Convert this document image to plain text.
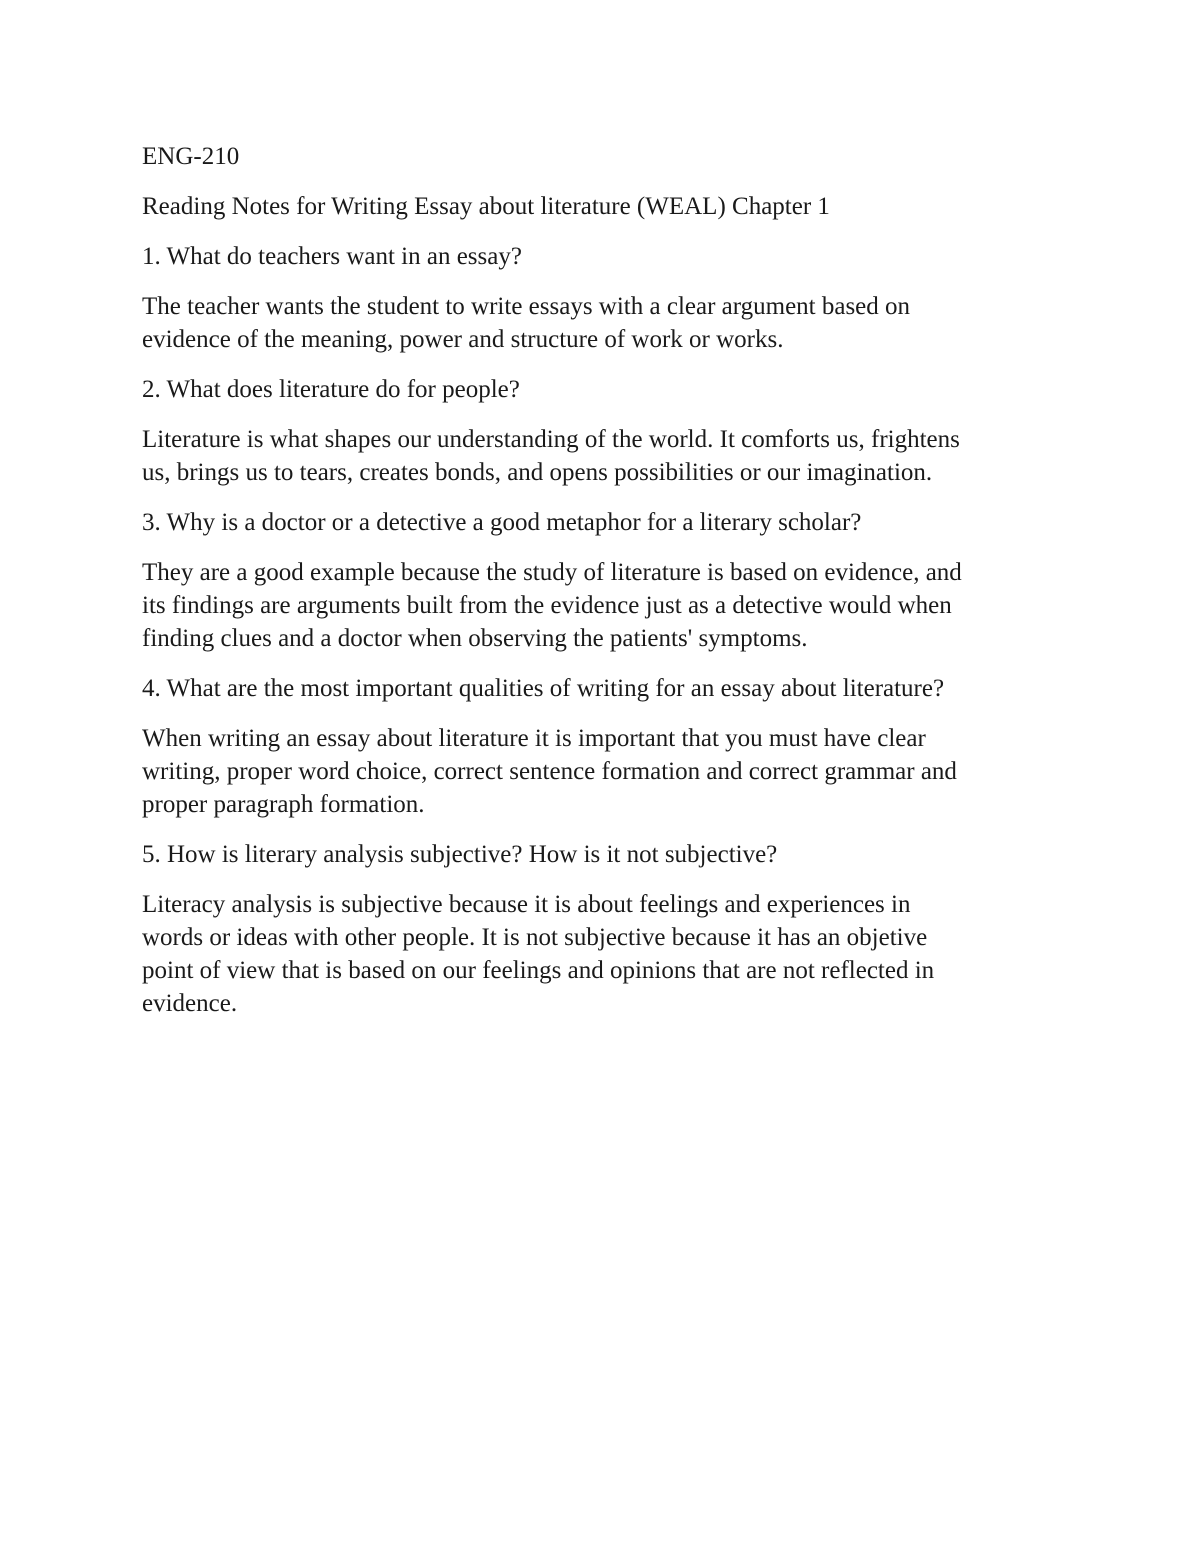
ENG-210

Reading Notes for Writing Essay about literature (WEAL) Chapter 1

1. What do teachers want in an essay?

The teacher wants the student to write essays with a clear argument based on
evidence of the meaning, power and structure of work or works.

2. What does literature do for people?

Literature is what shapes our understanding of the world. It comforts us, frightens
us, brings us to tears, creates bonds, and opens possibilities or our imagination.

3. Why is a doctor or a detective a good metaphor for a literary scholar?

They are a good example because the study of literature is based on evidence, and
its findings are arguments built from the evidence just as a detective would when
finding clues and a doctor when observing the patients' symptoms.

4. What are the most important qualities of writing for an essay about literature?

When writing an essay about literature it is important that you must have clear
writing, proper word choice, correct sentence formation and correct grammar and
proper paragraph formation.

5. How is literary analysis subjective? How is it not subjective?

Literacy analysis is subjective because it is about feelings and experiences in
words or ideas with other people. It is not subjective because it has an objetive
point of view that is based on our feelings and opinions that are not reflected in
evidence.
